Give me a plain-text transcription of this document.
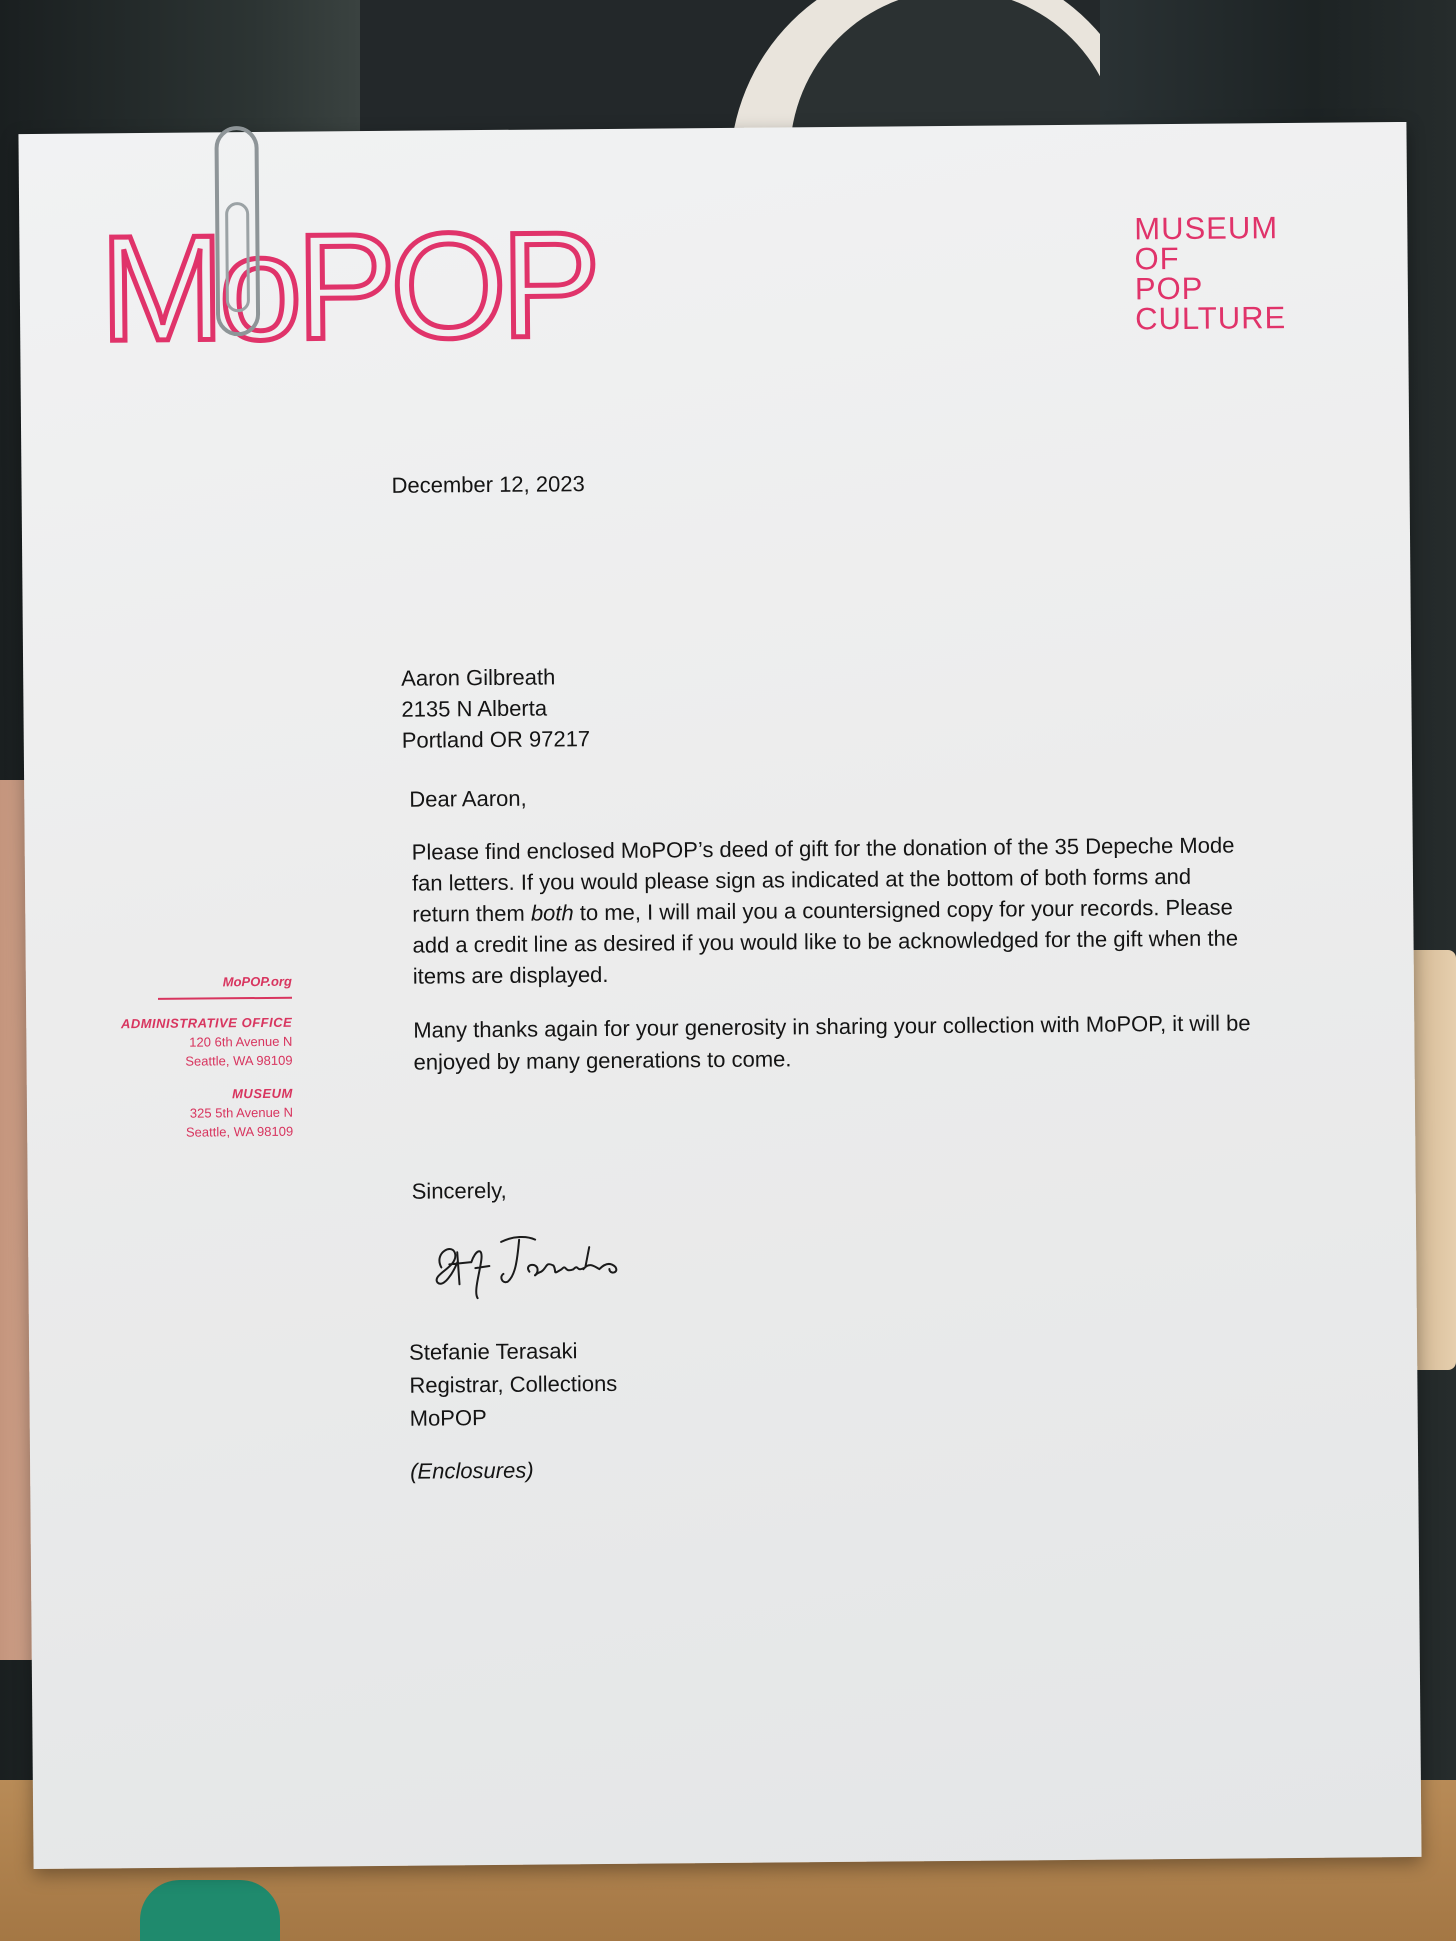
MoPOP	MUSEUM
OF
POP
CULTURE
December 12, 2023
Aaron Gilbreath
2135 N Alberta
Portland OR 97217
Dear Aaron,
Please find enclosed MoPOP’s deed of gift for the donation of the 35 Depeche Mode fan letters. If you would please sign as indicated at the bottom of both forms and return them both to me, I will mail you a countersigned copy for your records. Please add a credit line as desired if you would like to be acknowledged for the gift when the items are displayed.
Many thanks again for your generosity in sharing your collection with MoPOP, it will be enjoyed by many generations to come.
Sincerely,
Stefanie Terasaki
Registrar, Collections
MoPOP
(Enclosures)
MoPOP.org
ADMINISTRATIVE OFFICE
120 6th Avenue N
Seattle, WA 98109
MUSEUM
325 5th Avenue N
Seattle, WA 98109
